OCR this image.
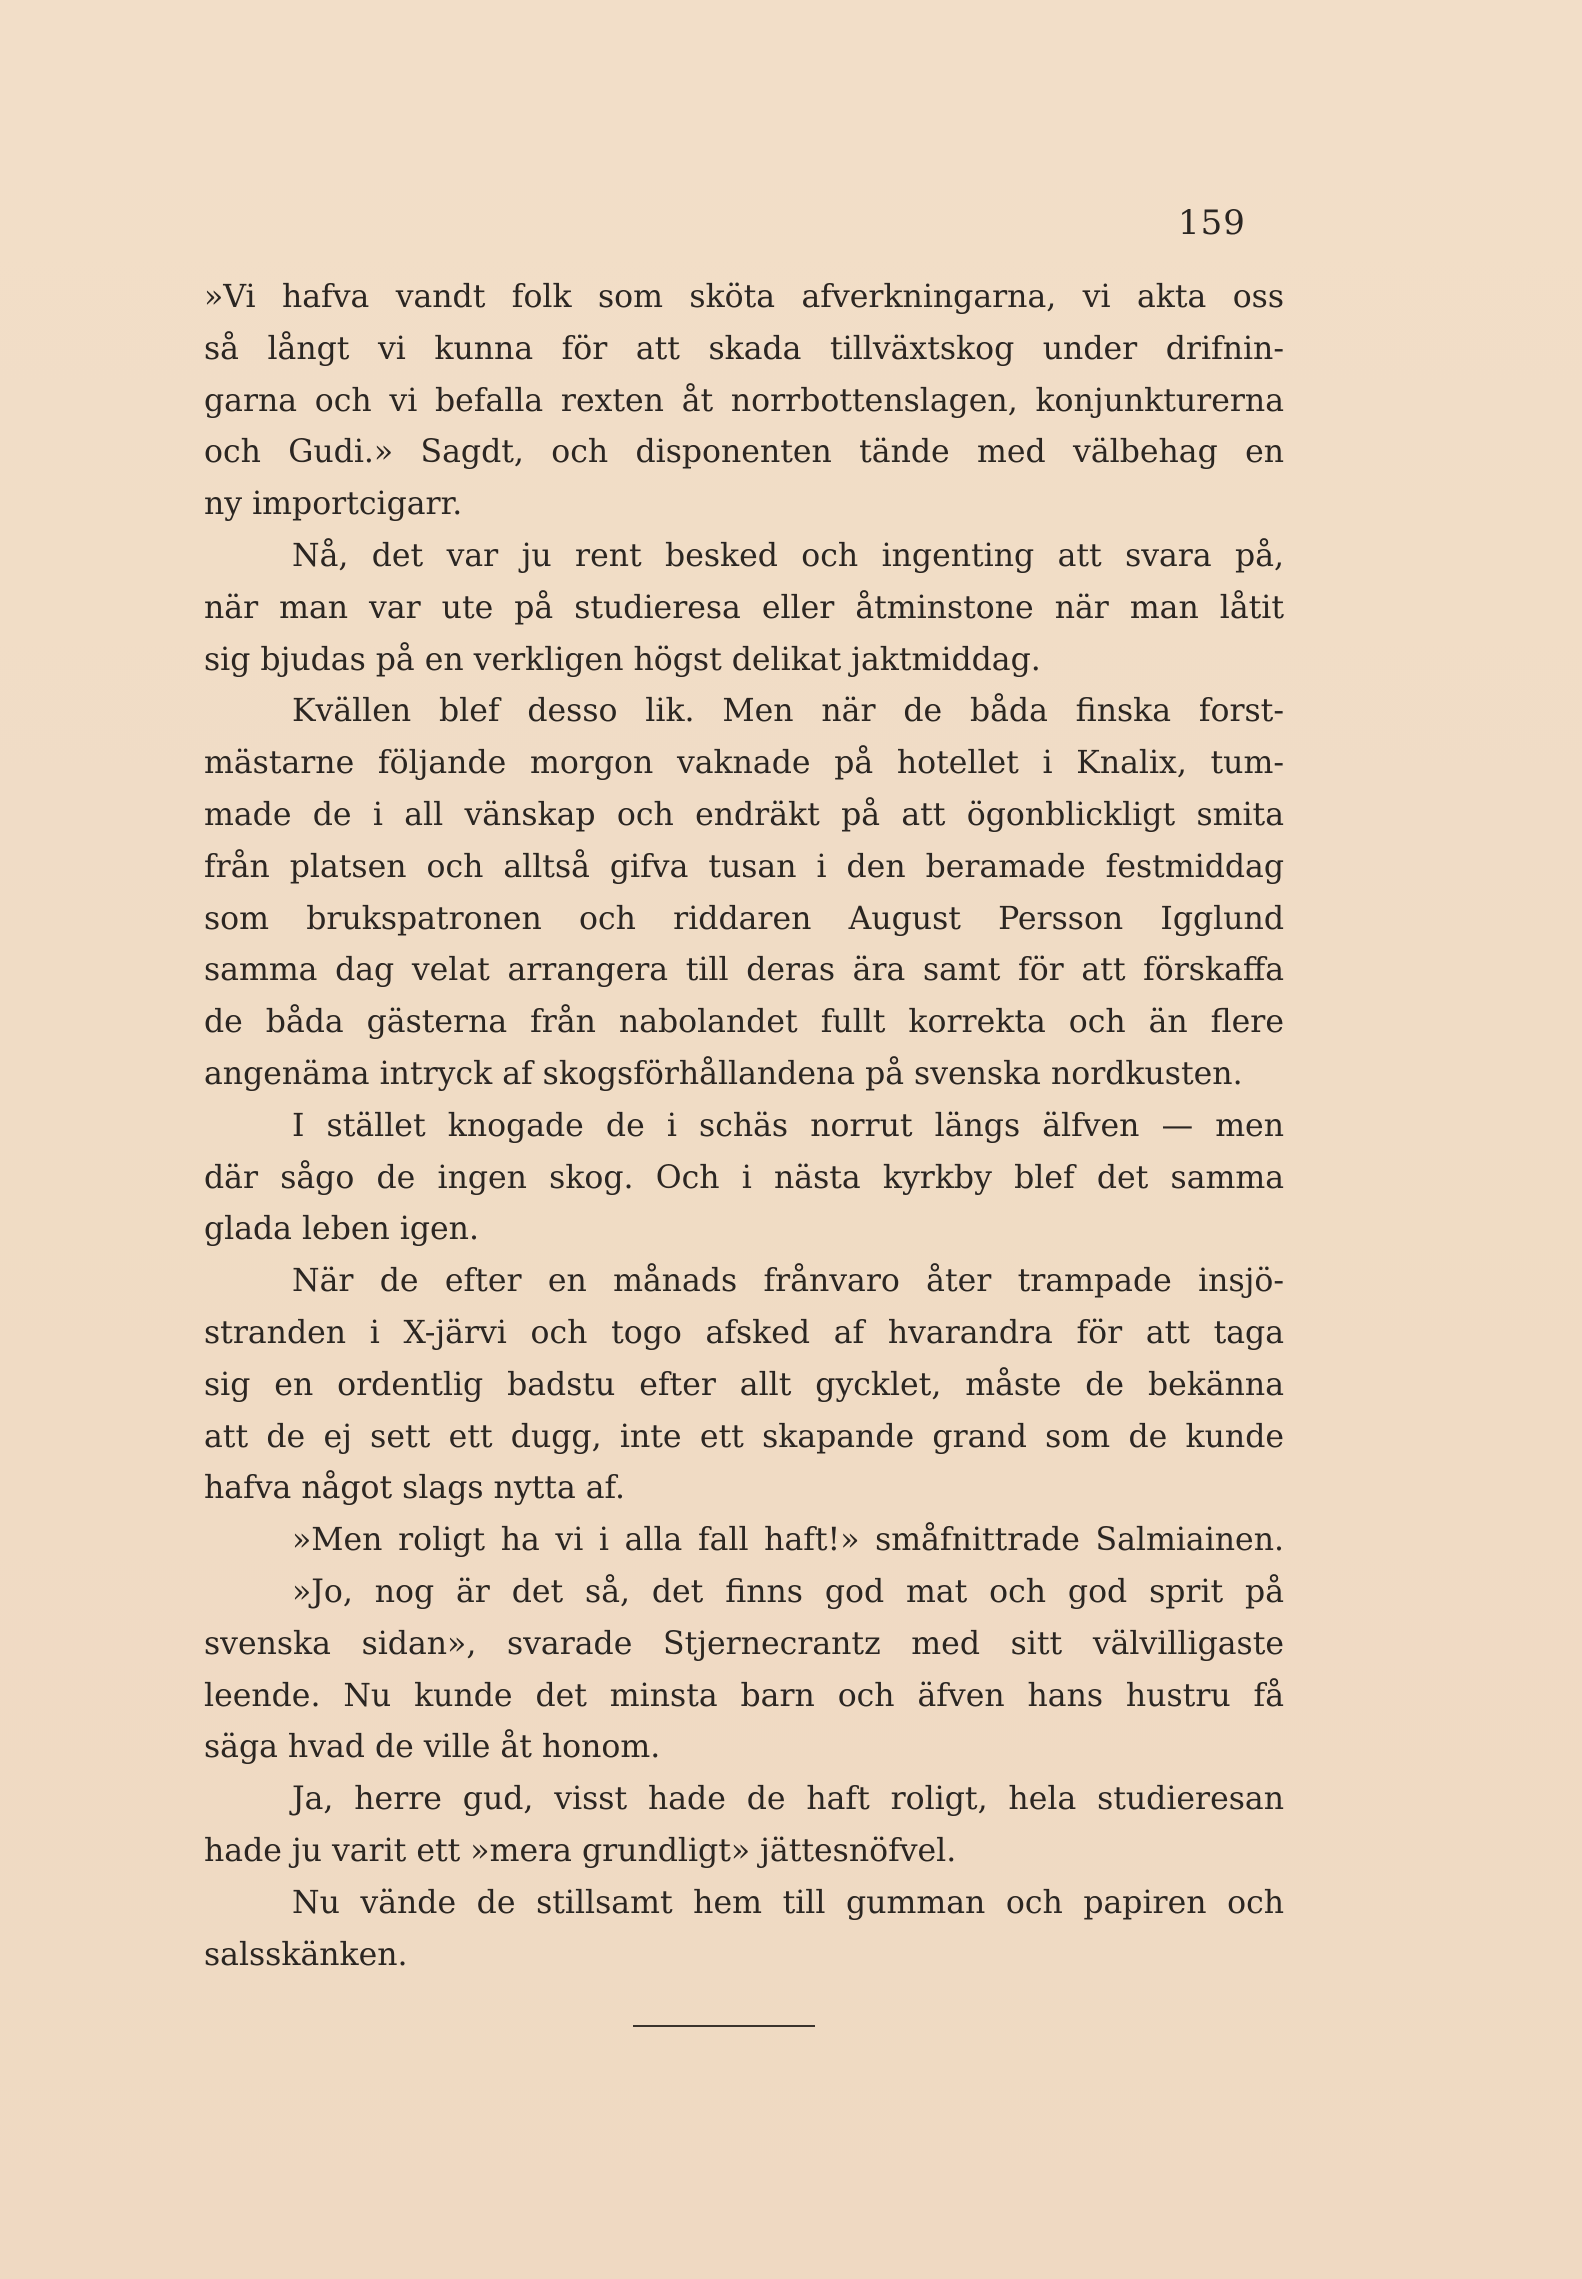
159
»Vi hafva vandt folk som sköta afverkningarna, vi akta oss
så långt vi kunna för att skada tillväxtskog under drifnin-
garna och vi befalla rexten åt norrbottenslagen, konjunkturerna
och Gudi.» Sagdt, och disponenten tände med välbehag en
ny importcigarr.
Nå, det var ju rent besked och ingenting att svara på,
när man var ute på studieresa eller åtminstone när man låtit
sig bjudas på en verkligen högst delikat jaktmiddag.
Kvällen blef desso lik. Men när de båda finska forst-
mästarne följande morgon vaknade på hotellet i Knalix, tum-
made de i all vänskap och endräkt på att ögonblickligt smita
från platsen och alltså gifva tusan i den beramade festmiddag
som brukspatronen och riddaren August Persson Igglund
samma dag velat arrangera till deras ära samt för att förskaffa
de båda gästerna från nabolandet fullt korrekta och än flere
angenäma intryck af skogsförhållandena på svenska nordkusten.
I stället knogade de i schäs norrut längs älfven — men
där sågo de ingen skog. Och i nästa kyrkby blef det samma
glada leben igen.
När de efter en månads frånvaro åter trampade insjö-
stranden i X-järvi och togo afsked af hvarandra för att taga
sig en ordentlig badstu efter allt gycklet, måste de bekänna
att de ej sett ett dugg, inte ett skapande grand som de kunde
hafva något slags nytta af.
»Men roligt ha vi i alla fall haft!» småfnittrade Salmiainen.
»Jo, nog är det så, det finns god mat och god sprit på
svenska sidan», svarade Stjernecrantz med sitt välvilligaste
leende. Nu kunde det minsta barn och äfven hans hustru få
säga hvad de ville åt honom.
Ja, herre gud, visst hade de haft roligt, hela studieresan
hade ju varit ett »mera grundligt» jättesnöfvel.
Nu vände de stillsamt hem till gumman och papiren och
salsskänken.
